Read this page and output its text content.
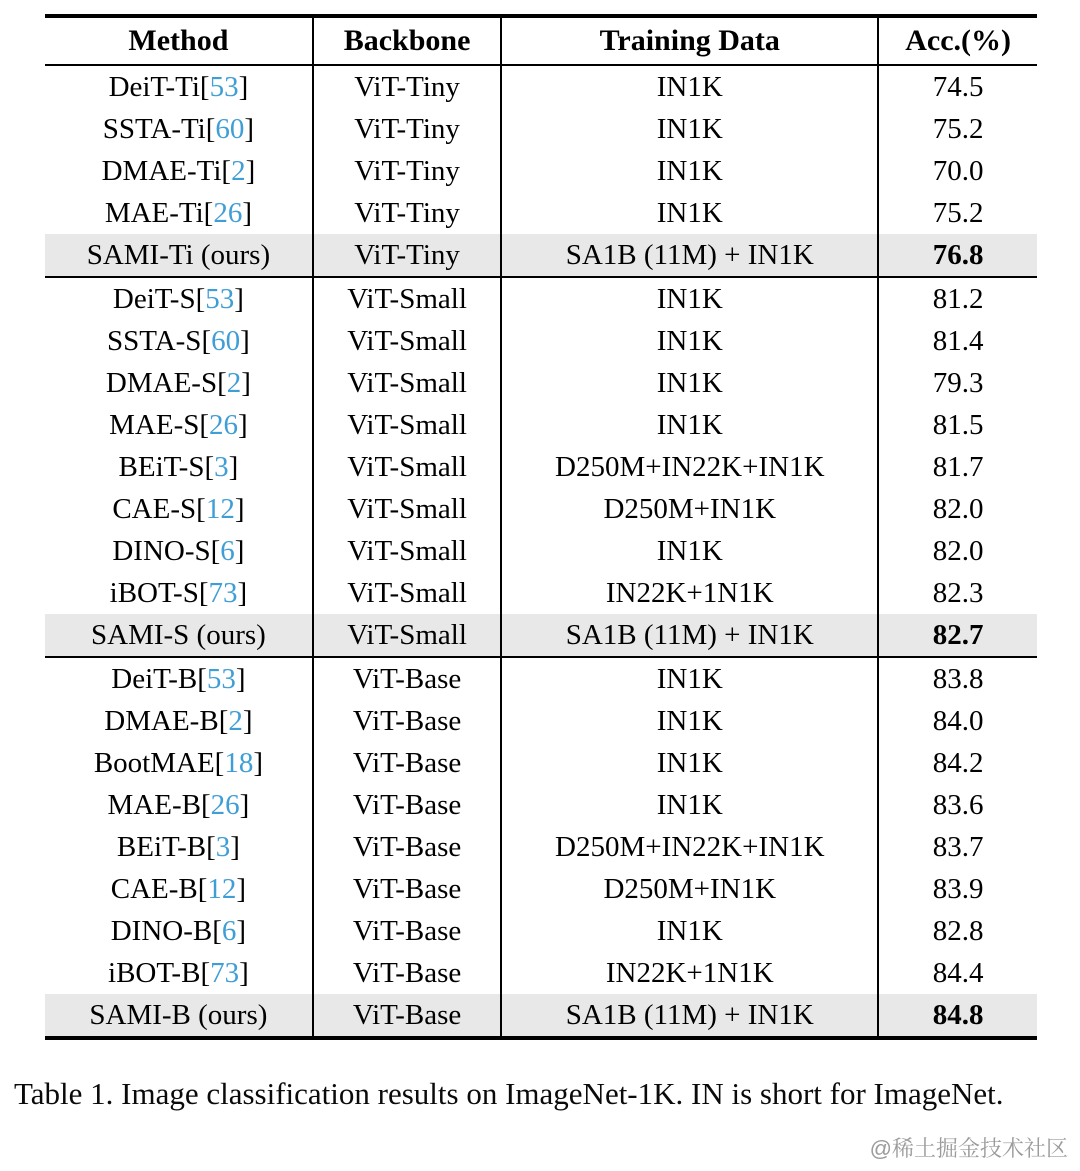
Method	Backbone	Training Data	Acc.(%)
DeiT-Ti[53]	ViT-Tiny	IN1K	74.5
SSTA-Ti[60]	ViT-Tiny	IN1K	75.2
DMAE-Ti[2]	ViT-Tiny	IN1K	70.0
MAE-Ti[26]	ViT-Tiny	IN1K	75.2
SAMI-Ti (ours)	ViT-Tiny	SA1B (11M) + IN1K	76.8
DeiT-S[53]	ViT-Small	IN1K	81.2
SSTA-S[60]	ViT-Small	IN1K	81.4
DMAE-S[2]	ViT-Small	IN1K	79.3
MAE-S[26]	ViT-Small	IN1K	81.5
BEiT-S[3]	ViT-Small	D250M+IN22K+IN1K	81.7
CAE-S[12]	ViT-Small	D250M+IN1K	82.0
DINO-S[6]	ViT-Small	IN1K	82.0
iBOT-S[73]	ViT-Small	IN22K+1N1K	82.3
SAMI-S (ours)	ViT-Small	SA1B (11M) + IN1K	82.7
DeiT-B[53]	ViT-Base	IN1K	83.8
DMAE-B[2]	ViT-Base	IN1K	84.0
BootMAE[18]	ViT-Base	IN1K	84.2
MAE-B[26]	ViT-Base	IN1K	83.6
BEiT-B[3]	ViT-Base	D250M+IN22K+IN1K	83.7
CAE-B[12]	ViT-Base	D250M+IN1K	83.9
DINO-B[6]	ViT-Base	IN1K	82.8
iBOT-B[73]	ViT-Base	IN22K+1N1K	84.4
SAMI-B (ours)	ViT-Base	SA1B (11M) + IN1K	84.8
Table 1. Image classification results on ImageNet-1K. IN is short for ImageNet.
@稀土掘金技术社区
